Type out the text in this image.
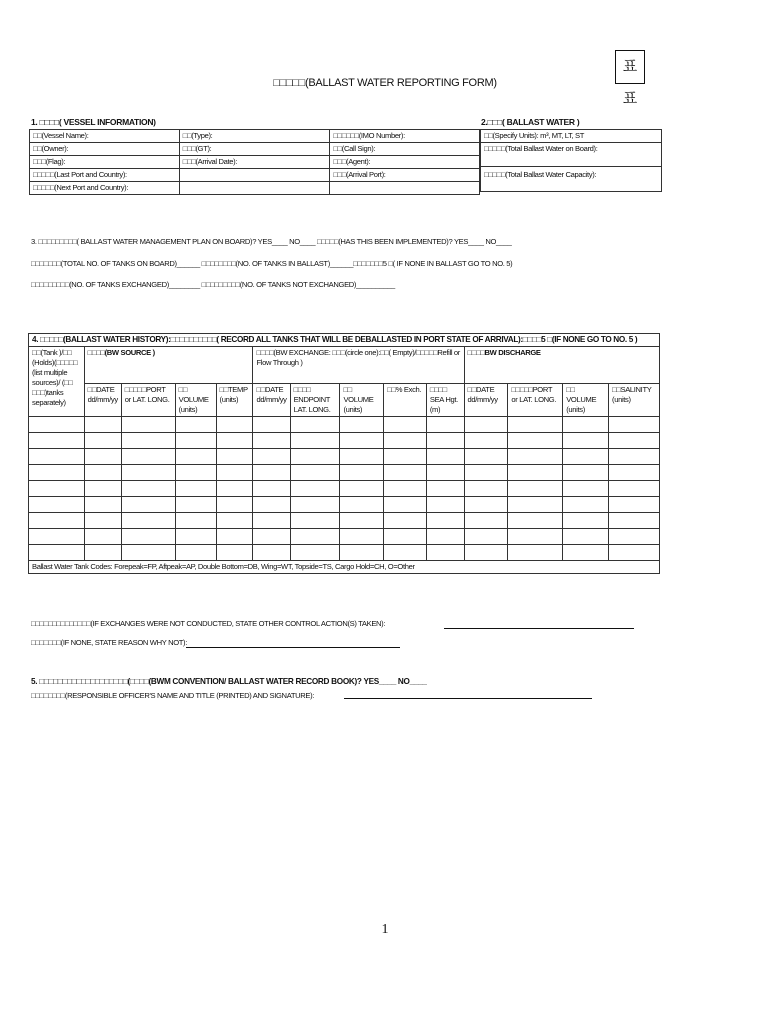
표표
□□□□□(BALLAST WATER REPORTING FORM)
1. □□□□( VESSEL INFORMATION)	2.□□□( BALLAST WATER )
□□(Vessel Name):	□□(Type):	□□□□□□(IMO Number):
□□(Owner):	□□□(GT):	□□(Call Sign):
□□□(Flag):	□□□(Arrival Date):	□□□(Agent):
□□□□□(Last Port and Country):		□□□(Arrival Port):
□□□□□(Next Port and Country):		
□□(Specify Units): m³, MT, LT, ST
□□□□□(Total Ballast Water on Board):
□□□□□(Total Ballast Water Capacity):
3. □□□□□□□□□( BALLAST WATER MANAGEMENT PLAN ON BOARD)? YES____ NO____ □□□□□(HAS THIS BEEN IMPLEMENTED)? YES____ NO____
□□□□□□□(TOTAL NO. OF TANKS ON BOARD)______ □□□□□□□□(NO. OF TANKS IN BALLAST)______□□□□□□□5 □( IF NONE IN BALLAST GO TO NO. 5)
□□□□□□□□□(NO. OF TANKS EXCHANGED)________ □□□□□□□□□(NO. OF TANKS NOT EXCHANGED)__________
4. □□□□□(BALLAST WATER HISTORY):□□□□□□□□□□( RECORD ALL TANKS THAT WILL BE DEBALLASTED IN PORT STATE OF ARRIVAL):□□□□5 □(IF NONE GO TO NO. 5 )													
□□(Tank )/□□ (Holds)(□□□□□ (list multiple sources)/ (□□ □□□)tanks separately)	□□□□(BW SOURCE )				□□□□(BW EXCHANGE: □□□(circle one):□□( Empty)/□□□□□Refill or Flow Through )					□□□□BW DISCHARGE			
	□□DATE dd/mm/yy	□□□□□PORT or LAT. LONG.	□□ VOLUME (units)	□□TEMP (units)	□□DATE dd/mm/yy	□□□□ ENDPOINT LAT. LONG.	□□ VOLUME (units)	□□% Exch.	□□□□ SEA Hgt. (m)	□□DATE dd/mm/yy	□□□□□PORT or LAT. LONG.	□□ VOLUME (units)	□□SALINITY (units)

Ballast Water Tank Codes: Forepeak=FP, Aftpeak=AP, Double Bottom=DB, Wing=WT, Topside=TS, Cargo Hold=CH, O=Other													
□□□□□□□□□□□□□□(IF EXCHANGES WERE NOT CONDUCTED, STATE OTHER CONTROL ACTION(S) TAKEN):
□□□□□□□(IF NONE, STATE REASON WHY NOT):
5. □□□□□□□□□□□□□□□□□□□(□□□□(BWM CONVENTION/ BALLAST WATER RECORD BOOK)? YES____ NO____
□□□□□□□□(RESPONSIBLE OFFICER'S NAME AND TITLE (PRINTED) AND SIGNATURE):
1
